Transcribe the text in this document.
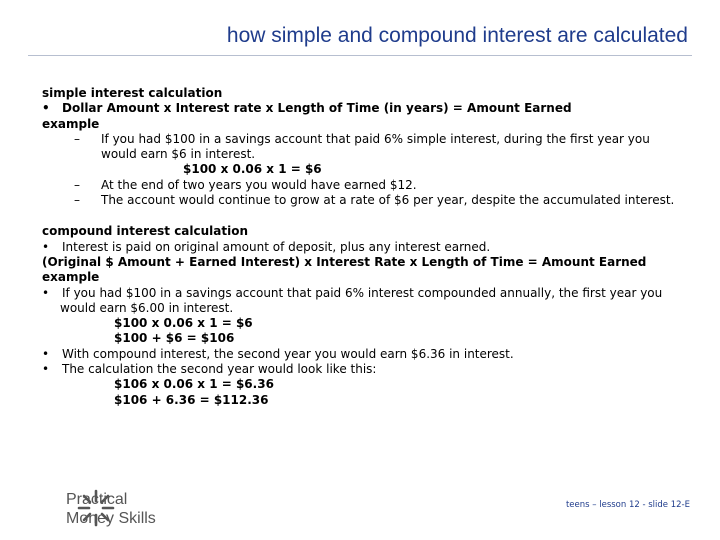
how simple and compound interest are calculated
simple interest calculation
• Dollar Amount x Interest rate x Length of Time (in years) = Amount Earned
example
– If you had $100 in a savings account that paid 6% simple interest, during the first year you
would earn $6 in interest.
$100 x 0.06 x 1 = $6
– At the end of two years you would have earned $12.
– The account would continue to grow at a rate of $6 per year, despite the accumulated interest.
compound interest calculation
• Interest is paid on original amount of deposit, plus any interest earned.
(Original $ Amount + Earned Interest) x Interest Rate x Length of Time = Amount Earned
example
• If you had $100 in a savings account that paid 6% interest compounded annually, the first year you
would earn $6.00 in interest.
$100 x 0.06 x 1 = $6
$100 + $6 = $106
• With compound interest, the second year you would earn $6.36 in interest.
• The calculation the second year would look like this:
$106 x 0.06 x 1 = $6.36
$106 + 6.36 = $112.36
Practical
Money Skills
teens – lesson 12 - slide 12-E
